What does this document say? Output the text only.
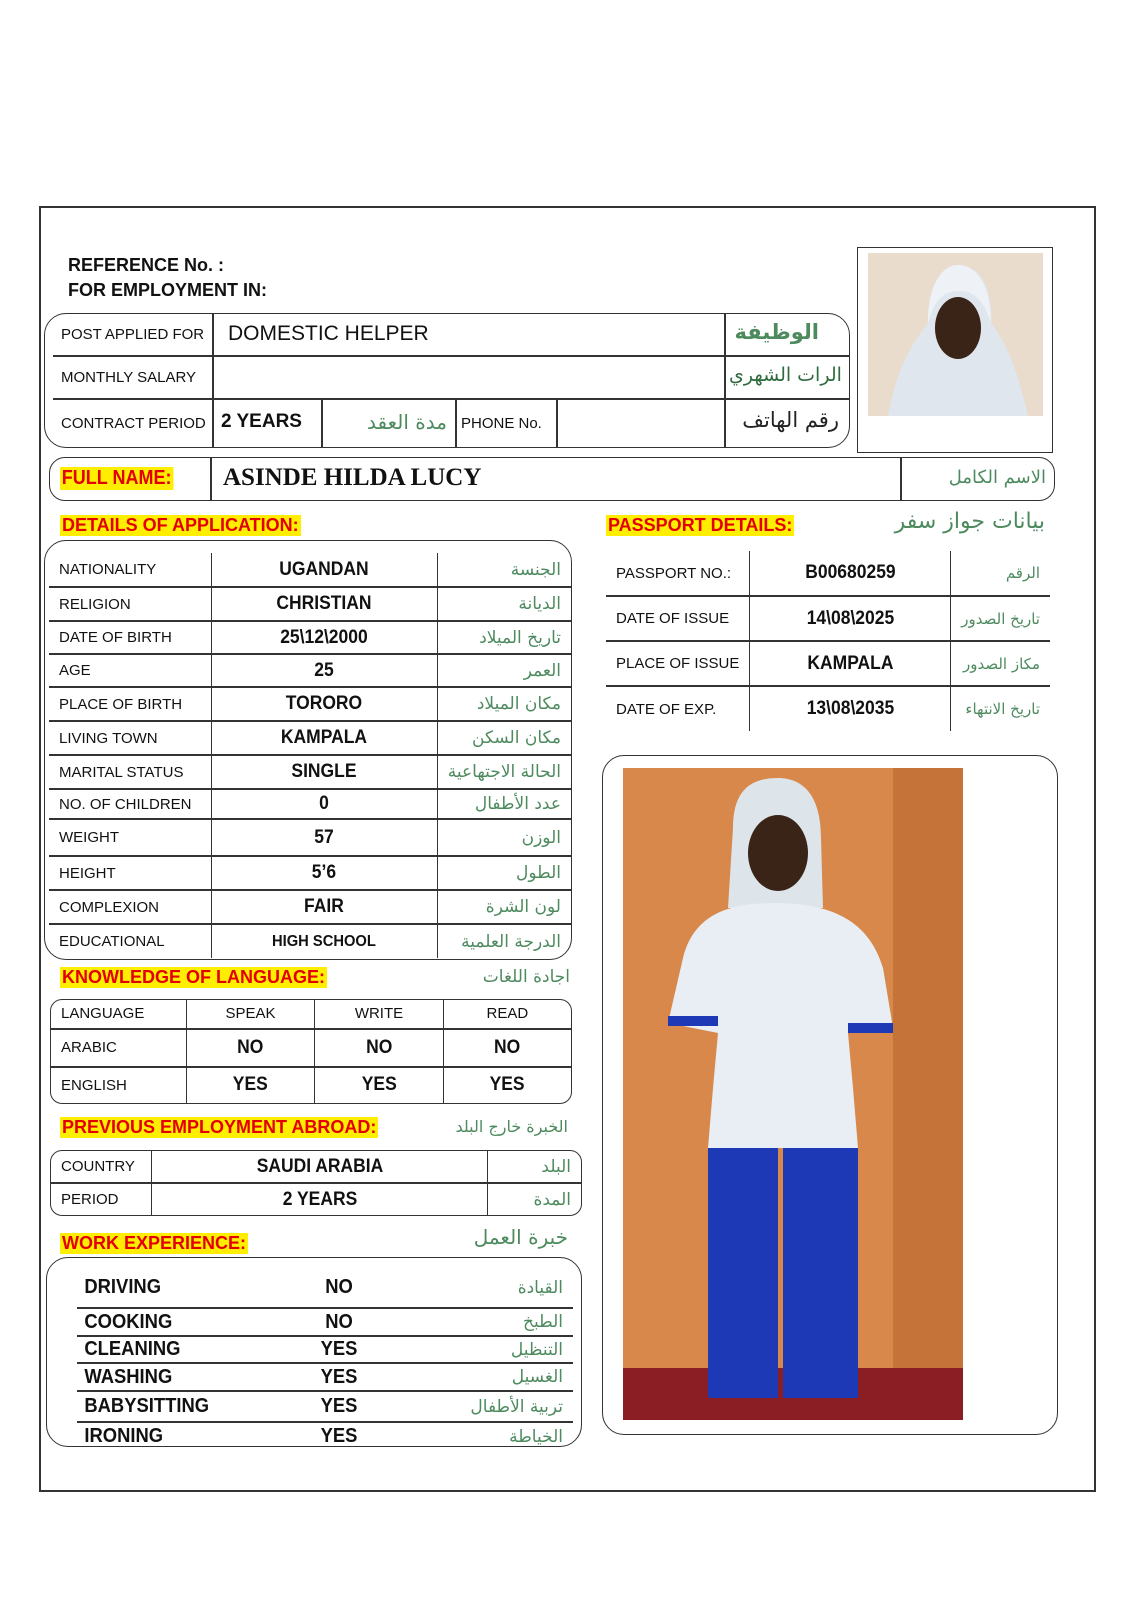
REFERENCE No. :
FOR EMPLOYMENT IN:
POST APPLIED FOR DOMESTIC HELPER	الوظيفة
MONTHLY SALARY	الرات الشهري
CONTRACT PERIOD 2 YEARS	مدة العقد PHONE No.	رقم الهاتف
FULL NAME: ASINDE HILDA LUCY	الاسم الكامل
DETAILS OF APPLICATION:
NATIONALITY	UGANDAN	الجنسة
RELIGION	CHRISTIAN	الديانة
DATE OF BIRTH	25\12\2000	تاريخ الميلاد
AGE	25	العمر
PLACE OF BIRTH	TORORO	مكان الميلاد
LIVING TOWN	KAMPALA	مكان السكن
MARITAL STATUS	SINGLE	الحالة الاجتهاعية
NO. OF CHILDREN	0	عدد الأطفال
WEIGHT	57	الوزن
HEIGHT	5’6	الطول
COMPLEXION	FAIR	لون الشرة
EDUCATIONAL	HIGH SCHOOL	الدرجة العلمية
PASSPORT DETAILS:	بيانات جواز سفر
PASSPORT NO.:	B00680259	الرقم
DATE OF ISSUE	14\08\2025	تاريخ الصدور
PLACE OF ISSUE	KAMPALA	مكاز الصدور
DATE OF EXP.	13\08\2035	تاريخ الانتهاء
KNOWLEDGE OF LANGUAGE:	اجادة اللغات
LANGUAGE	SPEAK	WRITE	READ
ARABIC	NO	NO	NO
ENGLISH	YES	YES	YES
PREVIOUS EMPLOYMENT ABROAD:	الخبرة خارج البلد
COUNTRY	SAUDI ARABIA	البلد
PERIOD	2 YEARS	المدة
WORK EXPERIENCE:	خبرة العمل
DRIVING	NO	القيادة
COOKING	NO	الطبخ
CLEANING	YES	التنظيل
WASHING	YES	الغسيل
BABYSITTING	YES	تربية الأطفال
IRONING	YES	الخياطة
